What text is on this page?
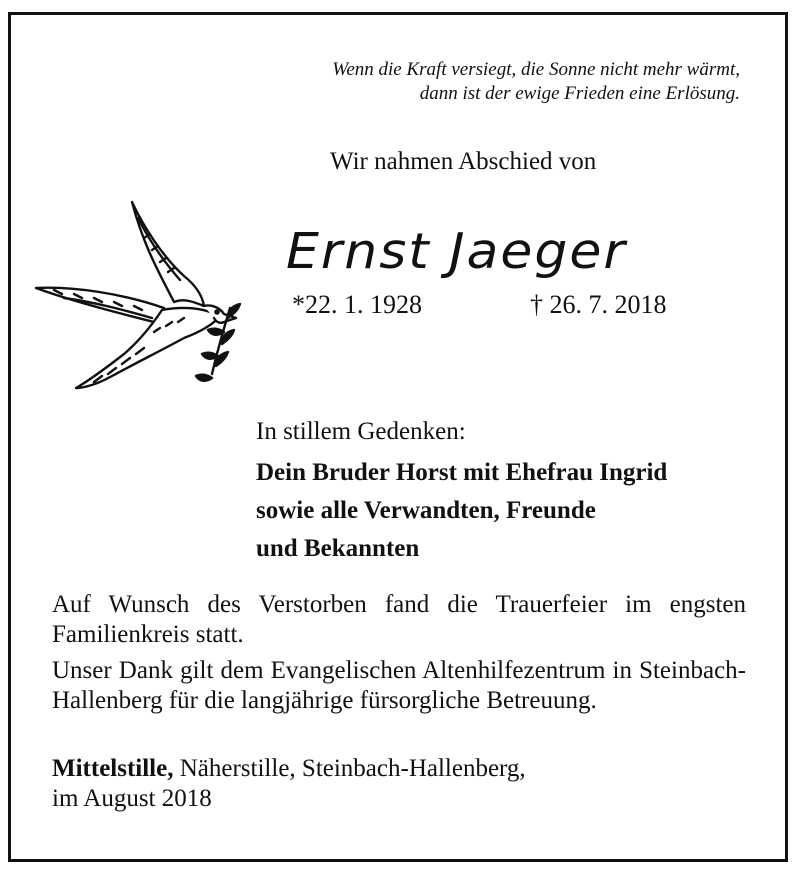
Wenn die Kraft versiegt, die Sonne nicht mehr wärmt,
dann ist der ewige Frieden eine Erlösung.
Wir nahmen Abschied von
Ernst Jaeger
*22. 1. 1928	† 26. 7. 2018
In stillem Gedenken:
Dein Bruder Horst mit Ehefrau Ingrid
sowie alle Verwandten, Freunde
und Bekannten

Auf Wunsch des Verstorben fand die Trauerfeier im engsten Familienkreis statt.

Unser Dank gilt dem Evangelischen Altenhilfezentrum in Steinbach-Hallenberg für die langjährige fürsorgliche Betreuung.

Mittelstille, Näherstille, Steinbach-Hallenberg,
im August 2018
